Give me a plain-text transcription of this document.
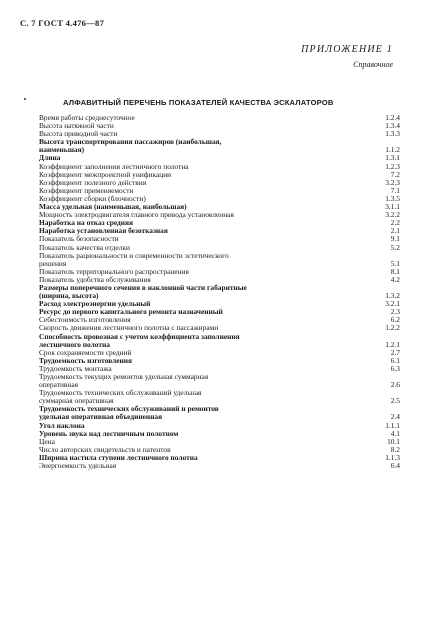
С. 7 ГОСТ 4.476—87
ПРИЛОЖЕНИЕ 1
Справочное
АЛФАВИТНЫЙ ПЕРЕЧЕНЬ ПОКАЗАТЕЛЕЙ КАЧЕСТВА ЭСКАЛАТОРОВ
Время работы среднесуточное	1.2.4
Высота натяжной части	1.3.4
Высота приводной части	1.3.3
Высота транспортирования пассажиров (наибольшая,
наименьшая)	1.1.2
Длина	1.3.1
Коэффициент заполнения лестничного полотна	1.2.3
Коэффициент межпроектной унификации	7.2
Коэффициент полезного действия	3.2.3
Коэффициент применяемости	7.1
Коэффициент сборки (блочности)	1.3.5
Масса удельная (наименьшая, наибольшая)	3.1.1
Мощность электродвигателя главного привода установленная	3.2.2
Наработка на отказ средняя	2.2
Наработка установленная безотказная	2.1
Показатель безопасности	9.1
Показатель качества отделки	5.2
Показатель рациональности и современности эстетического
решения	5.1
Показатель территориального распространения	8.1
Показатель удобства обслуживания	4.2
Размеры поперечного сечения в наклонной части габаритные
(ширина, высота)	1.3.2
Расход электроэнергии удельный	3.2.1
Ресурс до первого капитального ремонта назначенный	2.3
Себестоимость изготовления	6.2
Скорость движения лестничного полотна с пассажирами	1.2.2
Способность провозная с учетом коэффициента заполнения
лестничного полотна	1.2.1
Срок сохраняемости средний	2.7
Трудоемкость изготовления	6.1
Трудоемкость монтажа	6.3
Трудоемкость текущих ремонтов удельная суммарная
оперативная	2.6
Трудоемкость технических обслуживаний удельная
суммарная оперативная	2.5
Трудоемкость технических обслуживаний и ремонтов
удельная оперативная объединенная	2.4
Угол наклона	1.1.1
Уровень звука над лестничным полотном	4.1
Цена	10.1
Число авторских свидетельств и патентов	8.2
Ширина настила ступени лестничного полотна	1.1.3
Энергоемкость удельная	6.4
